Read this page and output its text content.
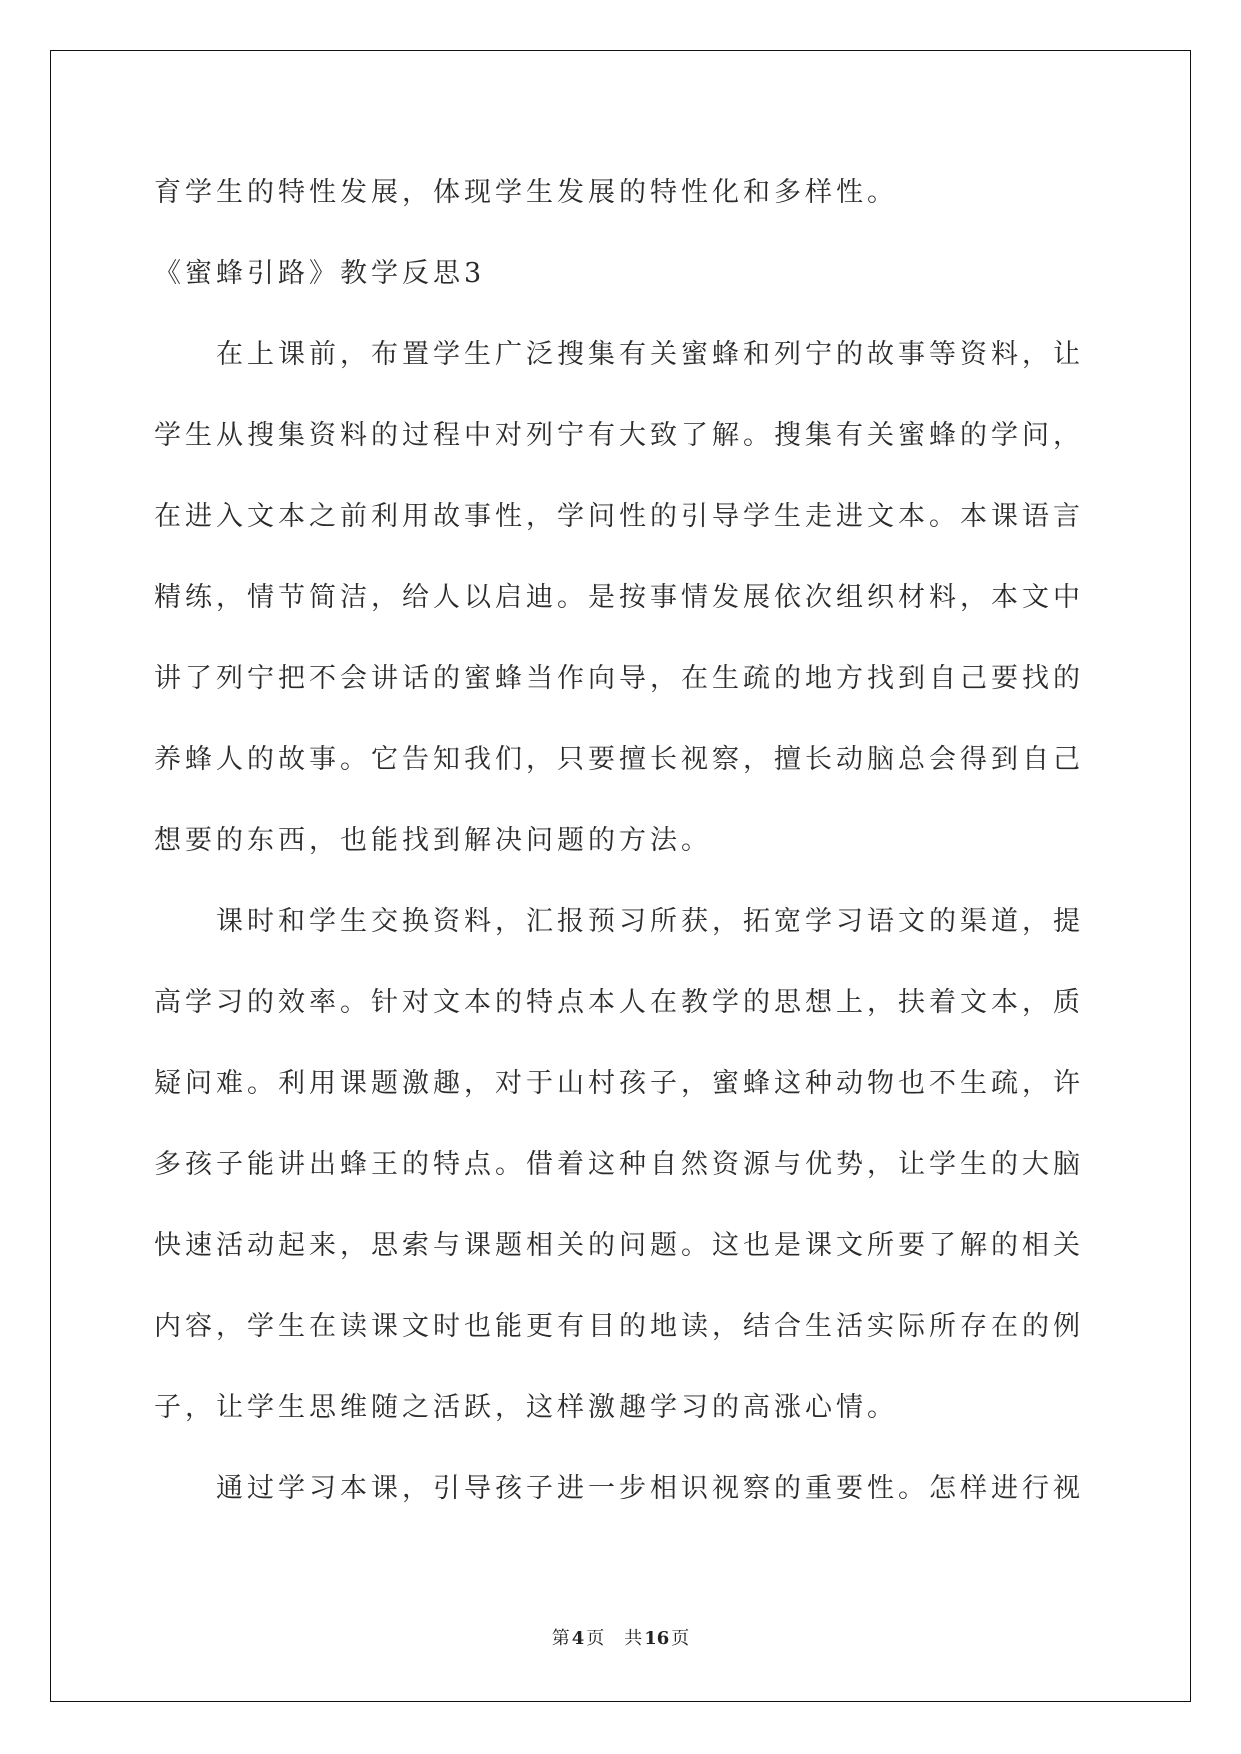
育学生的特性发展，体现学生发展的特性化和多样性。
《蜜蜂引路》教学反思3
在上课前，布置学生广泛搜集有关蜜蜂和列宁的故事等资料，让
学生从搜集资料的过程中对列宁有大致了解。搜集有关蜜蜂的学问，
在进入文本之前利用故事性，学问性的引导学生走进文本。本课语言
精练，情节简洁，给人以启迪。是按事情发展依次组织材料，本文中
讲了列宁把不会讲话的蜜蜂当作向导，在生疏的地方找到自己要找的
养蜂人的故事。它告知我们，只要擅长视察，擅长动脑总会得到自己
想要的东西，也能找到解决问题的方法。
课时和学生交换资料，汇报预习所获，拓宽学习语文的渠道，提
高学习的效率。针对文本的特点本人在教学的思想上，扶着文本，质
疑问难。利用课题激趣，对于山村孩子，蜜蜂这种动物也不生疏，许
多孩子能讲出蜂王的特点。借着这种自然资源与优势，让学生的大脑
快速活动起来，思索与课题相关的问题。这也是课文所要了解的相关
内容，学生在读课文时也能更有目的地读，结合生活实际所存在的例
子，让学生思维随之活跃，这样激趣学习的高涨心情。
通过学习本课，引导孩子进一步相识视察的重要性。怎样进行视
第 4 页 共 16 页
